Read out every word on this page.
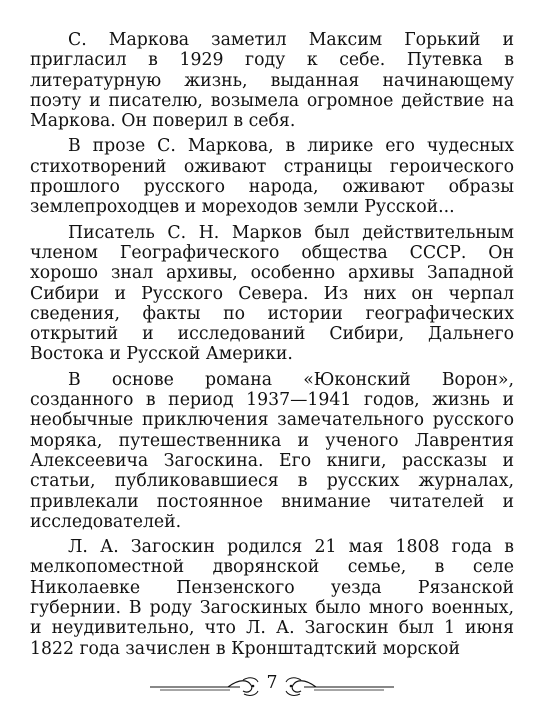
С. Маркова заметил Максим Горький и пригласил в 1929 году к себе. Путевка в литературную жизнь, выданная начинающему поэту и писателю, возымела огромное действие на Маркова. Он поверил в себя.

В прозе С. Маркова, в лирике его чудесных стихотворений оживают страницы героического прошлого русского народа, оживают образы землепроходцев и мореходов земли Русской...

Писатель С. Н. Марков был действительным членом Географического общества СССР. Он хорошо знал архивы, особенно архивы Западной Сибири и Русского Севера. Из них он черпал сведения, факты по истории географических открытий и исследований Сибири, Дальнего Востока и Русской Америки.

В основе романа «Юконский Ворон», созданного в период 1937—1941 годов, жизнь и необычные приключения замечательного русского моряка, путешественника и ученого Лаврентия Алексеевича Загоскина. Его книги, рассказы и статьи, публиковавшиеся в русских журналах, привлекали постоянное внимание читателей и исследователей.

Л. А. Загоскин родился 21 мая 1808 года в мелкопоместной дворянской семье, в селе Николаевке Пензенского уезда Рязанской губернии. В роду Загоскиных было много военных, и неудивительно, что Л. А. Загоскин был 1 июня 1822 года зачислен в Кронштадтский морской

7
